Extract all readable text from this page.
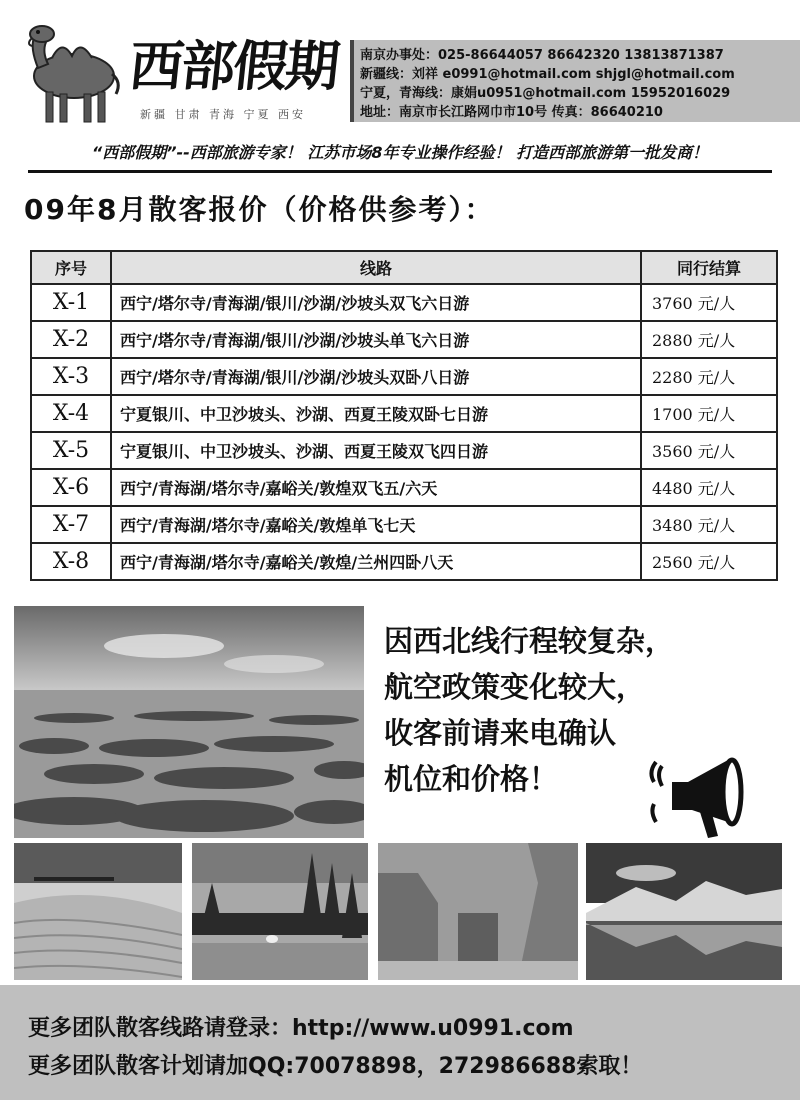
西部假期
新疆 甘肃 青海 宁夏 西安
南京办事处：025-86644057 86642320 13813871387
新疆线：刘祥 e0991@hotmail.com shjgl@hotmail.com
宁夏，青海线：康娟u0951@hotmail.com 15952016029
地址：南京市长江路网巾市10号 传真：86640210
“西部假期”--西部旅游专家！ 江苏市场8年专业操作经验！ 打造西部旅游第一批发商！
09年8月散客报价（价格供参考）：
序号	线路	同行结算
X-1	西宁/塔尔寺/青海湖/银川/沙湖/沙坡头双飞六日游	3760 元/人
X-2	西宁/塔尔寺/青海湖/银川/沙湖/沙坡头单飞六日游	2880 元/人
X-3	西宁/塔尔寺/青海湖/银川/沙湖/沙坡头双卧八日游	2280 元/人
X-4	宁夏银川、中卫沙坡头、沙湖、西夏王陵双卧七日游	1700 元/人
X-5	宁夏银川、中卫沙坡头、沙湖、西夏王陵双飞四日游	3560 元/人
X-6	西宁/青海湖/塔尔寺/嘉峪关/敦煌双飞五/六天	4480 元/人
X-7	西宁/青海湖/塔尔寺/嘉峪关/敦煌单飞七天	3480 元/人
X-8	西宁/青海湖/塔尔寺/嘉峪关/敦煌/兰州四卧八天	2560 元/人
因西北线行程较复杂，
航空政策变化较大，
收客前请来电确认
机位和价格！
更多团队散客线路请登录：http://www.u0991.com
更多团队散客计划请加QQ:70078898，272986688索取！
